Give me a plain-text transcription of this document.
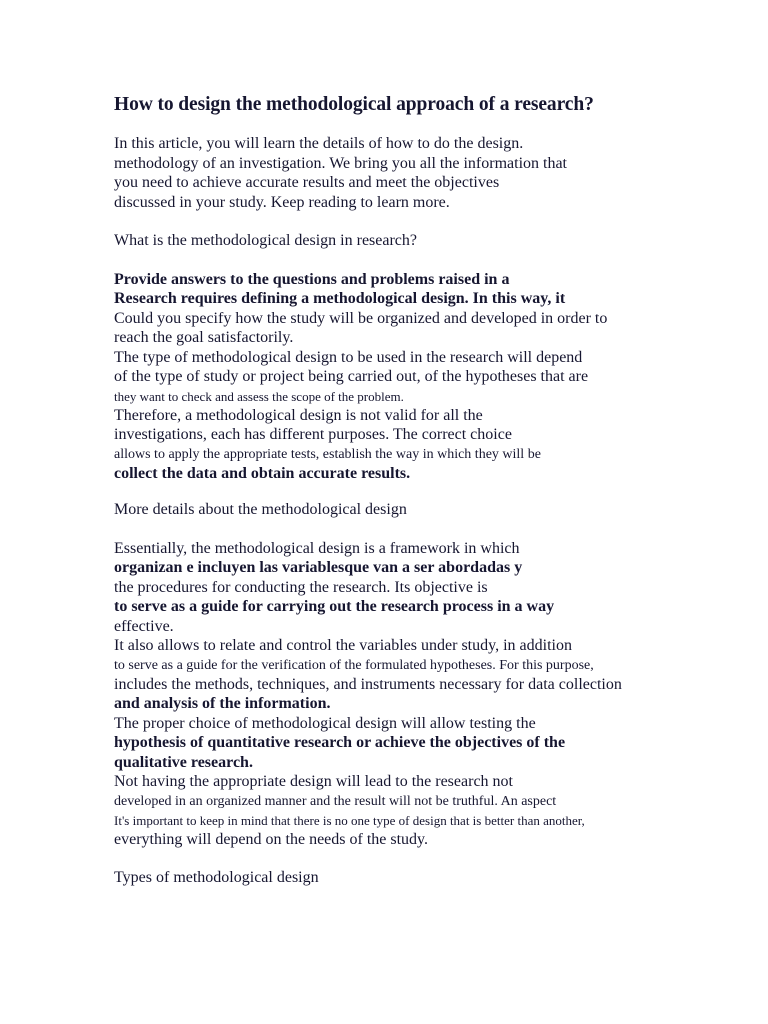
How to design the methodological approach of a research?

In this article, you will learn the details of how to do the design.
methodology of an investigation. We bring you all the information that
you need to achieve accurate results and meet the objectives
discussed in your study. Keep reading to learn more.

What is the methodological design in research?

Provide answers to the questions and problems raised in a
Research requires defining a methodological design. In this way, it
Could you specify how the study will be organized and developed in order to
reach the goal satisfactorily.
The type of methodological design to be used in the research will depend
of the type of study or project being carried out, of the hypotheses that are
they want to check and assess the scope of the problem.
Therefore, a methodological design is not valid for all the
investigations, each has different purposes. The correct choice
allows to apply the appropriate tests, establish the way in which they will be
collect the data and obtain accurate results.

More details about the methodological design

Essentially, the methodological design is a framework in which
organizan e incluyen las variablesque van a ser abordadas y
the procedures for conducting the research. Its objective is
to serve as a guide for carrying out the research process in a way
effective.
It also allows to relate and control the variables under study, in addition
to serve as a guide for the verification of the formulated hypotheses. For this purpose,
includes the methods, techniques, and instruments necessary for data collection
and analysis of the information.
The proper choice of methodological design will allow testing the
hypothesis of quantitative research or achieve the objectives of the
qualitative research.
Not having the appropriate design will lead to the research not
developed in an organized manner and the result will not be truthful. An aspect
It's important to keep in mind that there is no one type of design that is better than another,
everything will depend on the needs of the study.

Types of methodological design
